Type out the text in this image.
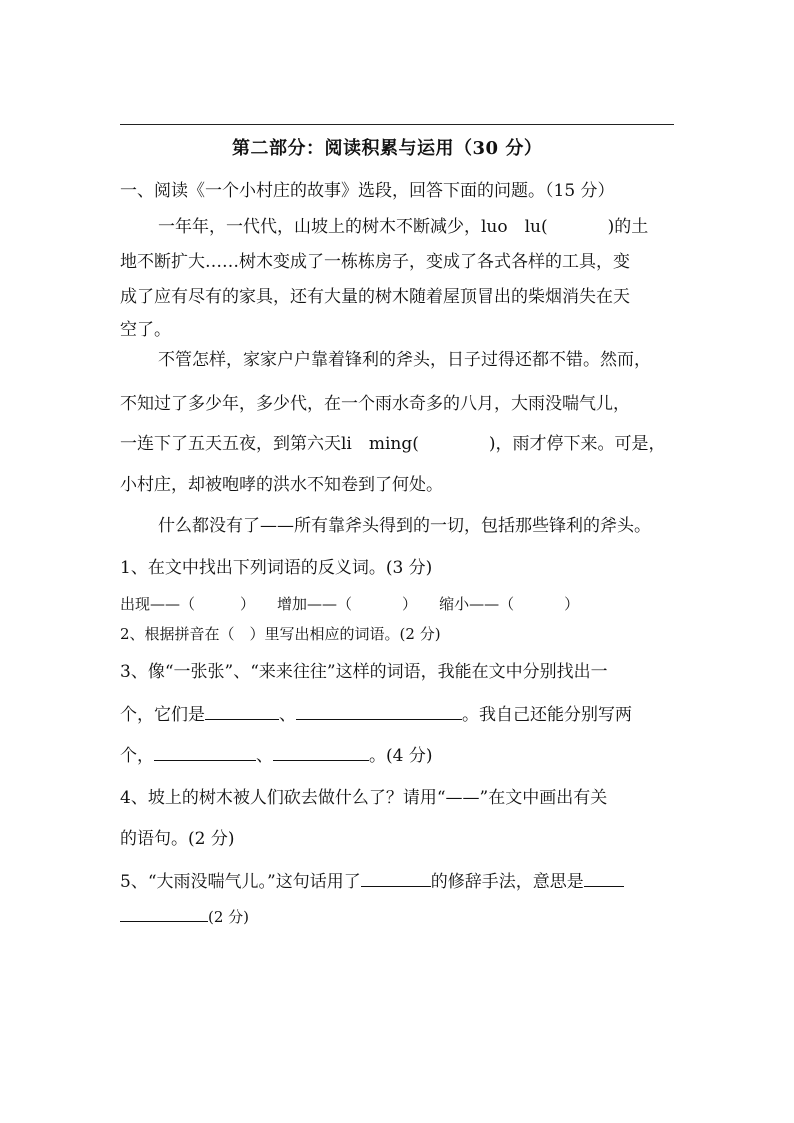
第二部分：阅读积累与运用（30 分）
一、阅读《一个小村庄的故事》选段，回答下面的问题。（15 分）
一年年，一代代，山坡上的树木不断减少，luo　lu(	)的土
地不断扩大……树木变成了一栋栋房子，变成了各式各样的工具，变
成了应有尽有的家具，还有大量的树木随着屋顶冒出的柴烟消失在天
空了。
不管怎样，家家户户靠着锋利的斧头，日子过得还都不错。然而，
不知过了多少年，多少代，在一个雨水奇多的八月，大雨没喘气儿，
一连下了五天五夜，到第六天li　ming(	)，雨才停下来。可是，
小村庄，却被咆哮的洪水不知卷到了何处。
什么都没有了——所有靠斧头得到的一切，包括那些锋利的斧头。
1、在文中找出下列词语的反义词。(3 分)
出现——（	） 增加——（	） 缩小——（	）
2、根据拼音在（　）里写出相应的词语。(2 分)
3、像“一张张”、“来来往往”这样的词语，我能在文中分别找出一
个，它们是	、	。我自己还能分别写两
个，	、	。(4 分)
4、坡上的树木被人们砍去做什么了？请用“——”在文中画出有关
的语句。(2 分)
5、“大雨没喘气儿。”这句话用了	的修辞手法，意思是
(2 分)
